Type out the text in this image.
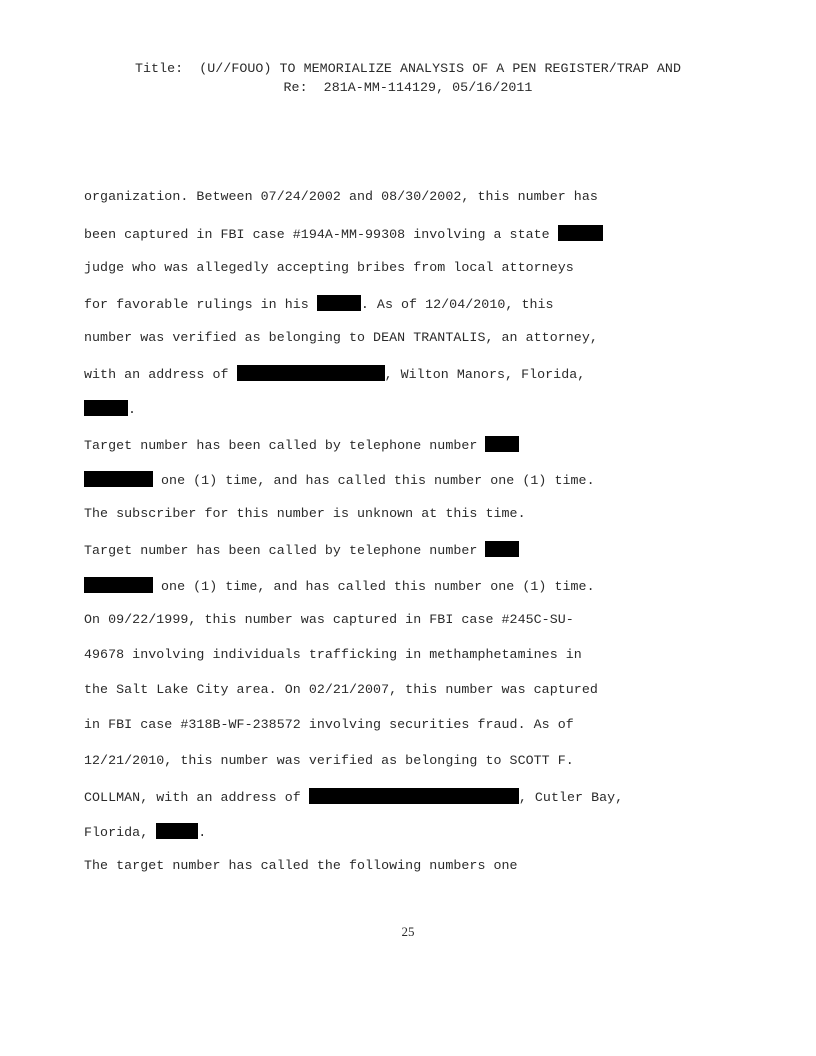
Title:  (U//FOUO) TO MEMORIALIZE ANALYSIS OF A PEN REGISTER/TRAP AND
Re:  281A-MM-114129, 05/16/2011
organization. Between 07/24/2002 and 08/30/2002, this number has
been captured in FBI case #194A-MM-99308 involving a state
judge who was allegedly accepting bribes from local attorneys
for favorable rulings in his	. As of 12/04/2010, this
number was verified as belonging to DEAN TRANTALIS, an attorney,
with an address of	, Wilton Manors, Florida,
.
Target number has been called by telephone number
one (1) time, and has called this number one (1) time.
The subscriber for this number is unknown at this time.
Target number has been called by telephone number
one (1) time, and has called this number one (1) time.
On 09/22/1999, this number was captured in FBI case #245C-SU-
49678 involving individuals trafficking in methamphetamines in
the Salt Lake City area. On 02/21/2007, this number was captured
in FBI case #318B-WF-238572 involving securities fraud. As of
12/21/2010, this number was verified as belonging to SCOTT F.
COLLMAN, with an address of	, Cutler Bay,
Florida,	.
The target number has called the following numbers one
25
